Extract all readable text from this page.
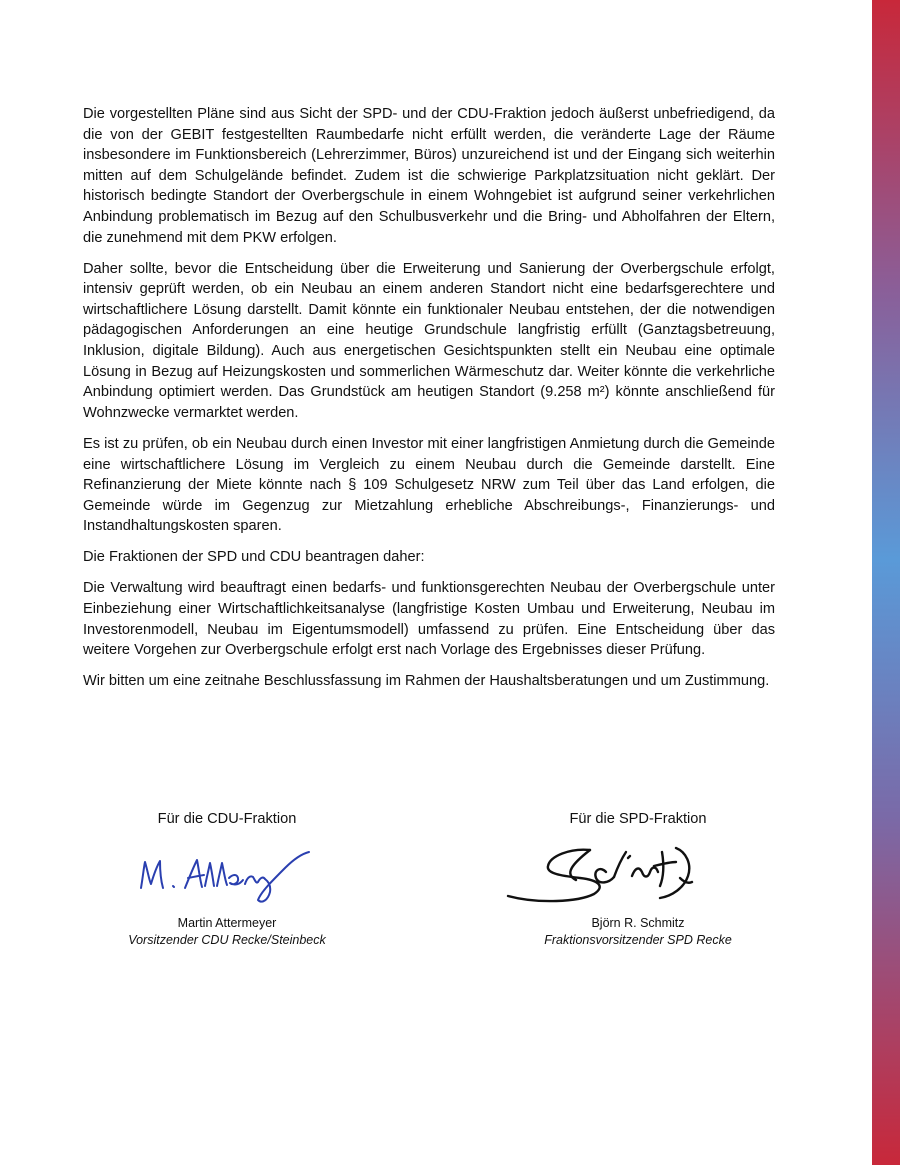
Die vorgestellten Pläne sind aus Sicht der SPD- und der CDU-Fraktion jedoch äußerst unbefriedigend, da die von der GEBIT festgestellten Raumbedarfe nicht erfüllt werden, die veränderte Lage der Räume insbesondere im Funktionsbereich (Lehrerzimmer, Büros) unzureichend ist und der Eingang sich weiterhin mitten auf dem Schulgelände befindet. Zudem ist die schwierige Parkplatzsituation nicht geklärt. Der historisch bedingte Standort der Overbergschule in einem Wohngebiet ist aufgrund seiner verkehrlichen Anbindung problematisch im Bezug auf den Schulbusverkehr und die Bring- und Abholfahren der Eltern, die zunehmend mit dem PKW erfolgen.

Daher sollte, bevor die Entscheidung über die Erweiterung und Sanierung der Overbergschule erfolgt, intensiv geprüft werden, ob ein Neubau an einem anderen Standort nicht eine bedarfsgerechtere und wirtschaftlichere Lösung darstellt. Damit könnte ein funktionaler Neubau entstehen, der die notwendigen pädagogischen Anforderungen an eine heutige Grundschule langfristig erfüllt (Ganztagsbetreuung, Inklusion, digitale Bildung). Auch aus energetischen Gesichtspunkten stellt ein Neubau eine optimale Lösung in Bezug auf Heizungskosten und sommerlichen Wärmeschutz dar. Weiter könnte die verkehrliche Anbindung optimiert werden. Das Grundstück am heutigen Standort (9.258 m²) könnte anschließend für Wohnzwecke vermarktet werden.

Es ist zu prüfen, ob ein Neubau durch einen Investor mit einer langfristigen Anmietung durch die Gemeinde eine wirtschaftlichere Lösung im Vergleich zu einem Neubau durch die Gemeinde darstellt. Eine Refinanzierung der Miete könnte nach § 109 Schulgesetz NRW zum Teil über das Land erfolgen, die Gemeinde würde im Gegenzug zur Mietzahlung erhebliche Abschreibungs-, Finanzierungs- und Instandhaltungskosten sparen.

Die Fraktionen der SPD und CDU beantragen daher:

Die Verwaltung wird beauftragt einen bedarfs- und funktionsgerechten Neubau der Overbergschule unter Einbeziehung einer Wirtschaftlichkeitsanalyse (langfristige Kosten Umbau und Erweiterung, Neubau im Investorenmodell, Neubau im Eigentumsmodell) umfassend zu prüfen. Eine Entscheidung über das weitere Vorgehen zur Overbergschule erfolgt erst nach Vorlage des Ergebnisses dieser Prüfung.

Wir bitten um eine zeitnahe Beschlussfassung im Rahmen der Haushaltsberatungen und um Zustimmung.

Für die CDU-Fraktion
Martin Attermeyer
Vorsitzender CDU Recke/Steinbeck
Für die SPD-Fraktion
Björn R. Schmitz
Fraktionsvorsitzender SPD Recke
